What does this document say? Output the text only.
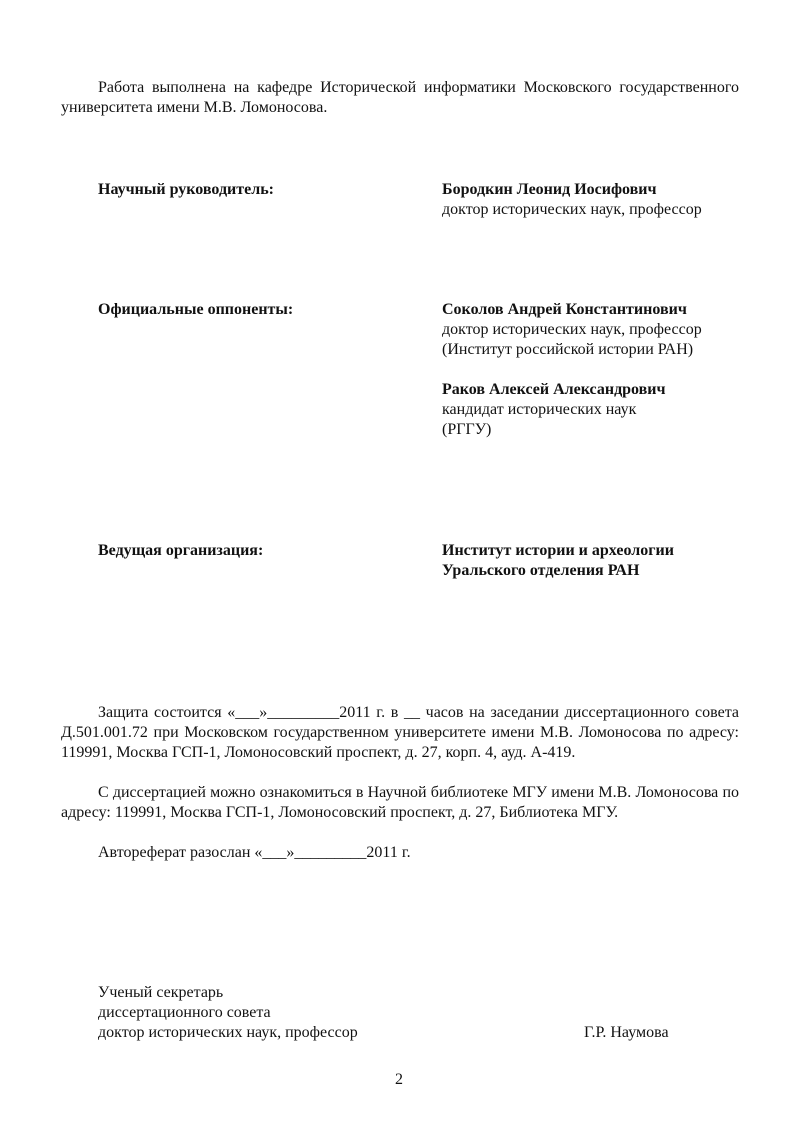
Работа выполнена на кафедре Исторической информатики Московского государственного университета имени М.В. Ломоносова.

Научный руководитель:	Бородкин Леонид Иосифович
доктор исторических наук, профессор
Официальные оппоненты:	Соколов Андрей Константинович
доктор исторических наук, профессор
(Институт российской истории РАН)
Раков Алексей Александрович
кандидат исторических наук
(РГГУ)
Ведущая организация:	Институт истории и археологии
Уральского отделения РАН

Защита состоится «___»_________2011 г. в __ часов на заседании диссертационного совета Д.501.001.72 при Московском государственном университете имени М.В. Ломоносова по адресу: 119991, Москва ГСП-1, Ломоносовский проспект, д. 27, корп. 4, ауд. А-419.

С диссертацией можно ознакомиться в Научной библиотеке МГУ имени М.В. Ломоносова по адресу: 119991, Москва ГСП-1, Ломоносовский проспект, д. 27, Библиотека МГУ.

Автореферат разослан «___»_________2011 г.

Ученый секретарь
диссертационного совета
доктор исторических наук, профессор	Г.Р. Наумова
2
